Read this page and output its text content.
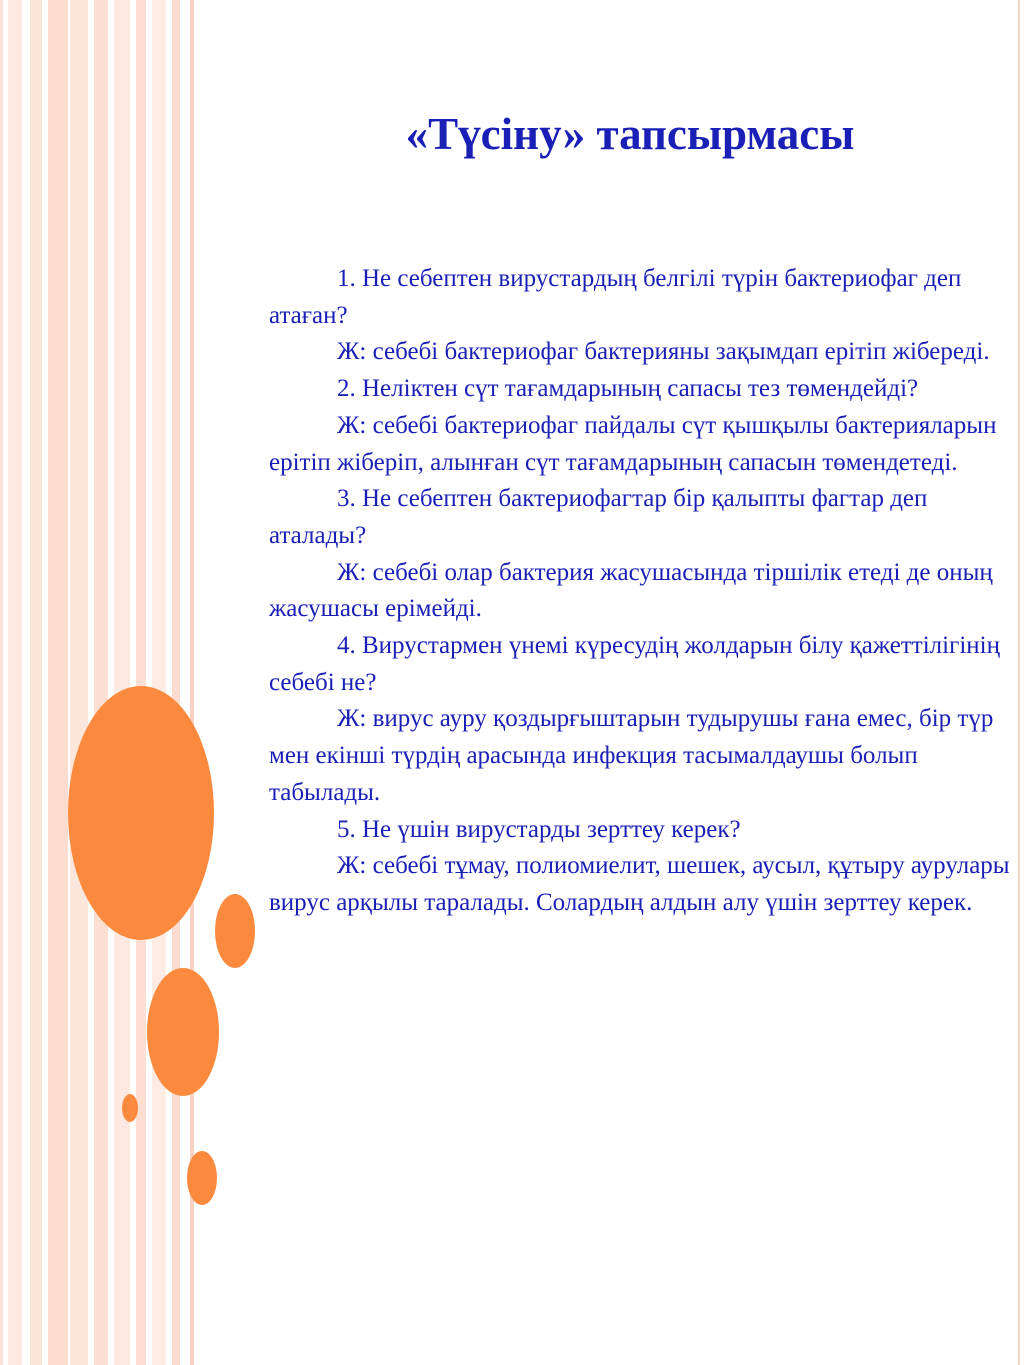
«Түсіну» тапсырмасы

1. Не себептен вирустардың белгілі түрін бактериофаг деп атаған?

Ж: себебі бактериофаг бактерияны зақымдап ерітіп жібереді.

2. Неліктен сүт тағамдарының сапасы тез төмендейді?

Ж: себебі бактериофаг пайдалы сүт қышқылы бактерияларын ерітіп жіберіп, алынған сүт тағамдарының сапасын төмендетеді.

3. Не себептен бактериофагтар бір қалыпты фагтар деп аталады?

Ж: себебі олар бактерия жасушасында тіршілік етеді де оның жасушасы ерімейді.

4. Вирустармен үнемі күресудің жолдарын білу қажеттілігінің себебі не?

Ж: вирус ауру қоздырғыштарын тудырушы ғана емес, бір түр мен екінші түрдің арасында инфекция тасымалдаушы болып табылады.

5. Не үшін вирустарды зерттеу керек?

Ж: себебі тұмау, полиомиелит, шешек, аусыл, құтыру аурулары вирус арқылы таралады. Солардың алдын алу үшін зерттеу керек.
